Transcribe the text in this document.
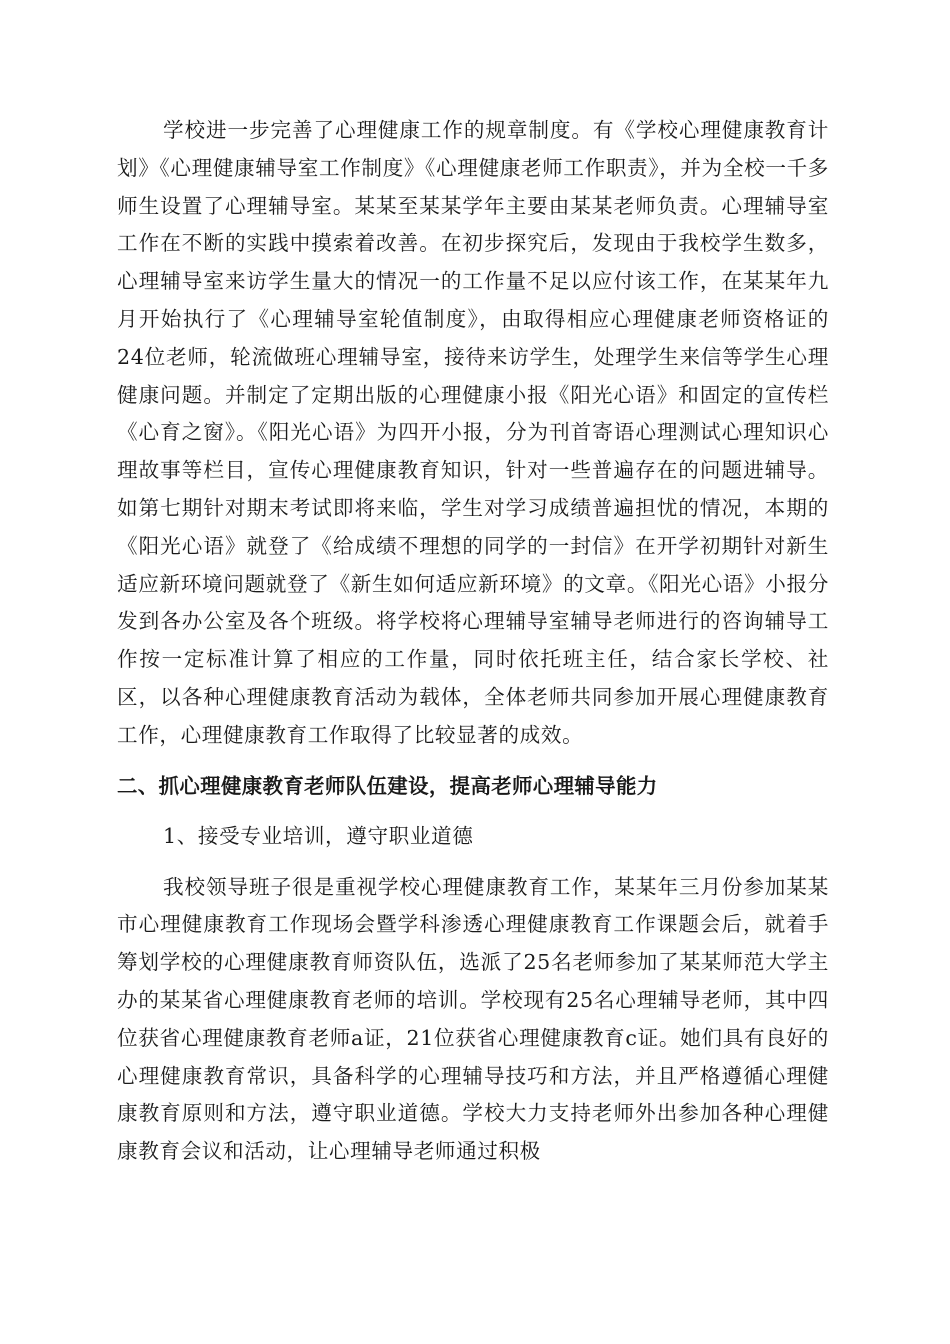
学校进一步完善了心理健康工作的规章制度。有《学校心理健康教育计划》《心理健康辅导室工作制度》《心理健康老师工作职责》，并为全校一千多师生设置了心理辅导室。某某至某某学年主要由某某老师负责。心理辅导室工作在不断的实践中摸索着改善。在初步探究后，发现由于我校学生数多，心理辅导室来访学生量大的情况一的工作量不足以应付该工作，在某某年九月开始执行了《心理辅导室轮值制度》，由取得相应心理健康老师资格证的24位老师，轮流做班心理辅导室，接待来访学生，处理学生来信等学生心理健康问题。并制定了定期出版的心理健康小报《阳光心语》和固定的宣传栏《心育之窗》。《阳光心语》为四开小报，分为刊首寄语心理测试心理知识心理故事等栏目，宣传心理健康教育知识，针对一些普遍存在的问题进辅导。如第七期针对期末考试即将来临，学生对学习成绩普遍担忧的情况，本期的《阳光心语》就登了《给成绩不理想的同学的一封信》在开学初期针对新生适应新环境问题就登了《新生如何适应新环境》的文章。《阳光心语》小报分发到各办公室及各个班级。将学校将心理辅导室辅导老师进行的咨询辅导工作按一定标准计算了相应的工作量，同时依托班主任，结合家长学校、社区，以各种心理健康教育活动为载体，全体老师共同参加开展心理健康教育工作，心理健康教育工作取得了比较显著的成效。

二、抓心理健康教育老师队伍建设，提高老师心理辅导能力

1、接受专业培训，遵守职业道德

我校领导班子很是重视学校心理健康教育工作，某某年三月份参加某某市心理健康教育工作现场会暨学科渗透心理健康教育工作课题会后，就着手筹划学校的心理健康教育师资队伍，选派了25名老师参加了某某师范大学主办的某某省心理健康教育老师的培训。学校现有25名心理辅导老师，其中四位获省心理健康教育老师a证，21位获省心理健康教育c证。她们具有良好的心理健康教育常识，具备科学的心理辅导技巧和方法，并且严格遵循心理健康教育原则和方法，遵守职业道德。学校大力支持老师外出参加各种心理健康教育会议和活动，让心理辅导老师通过积极
